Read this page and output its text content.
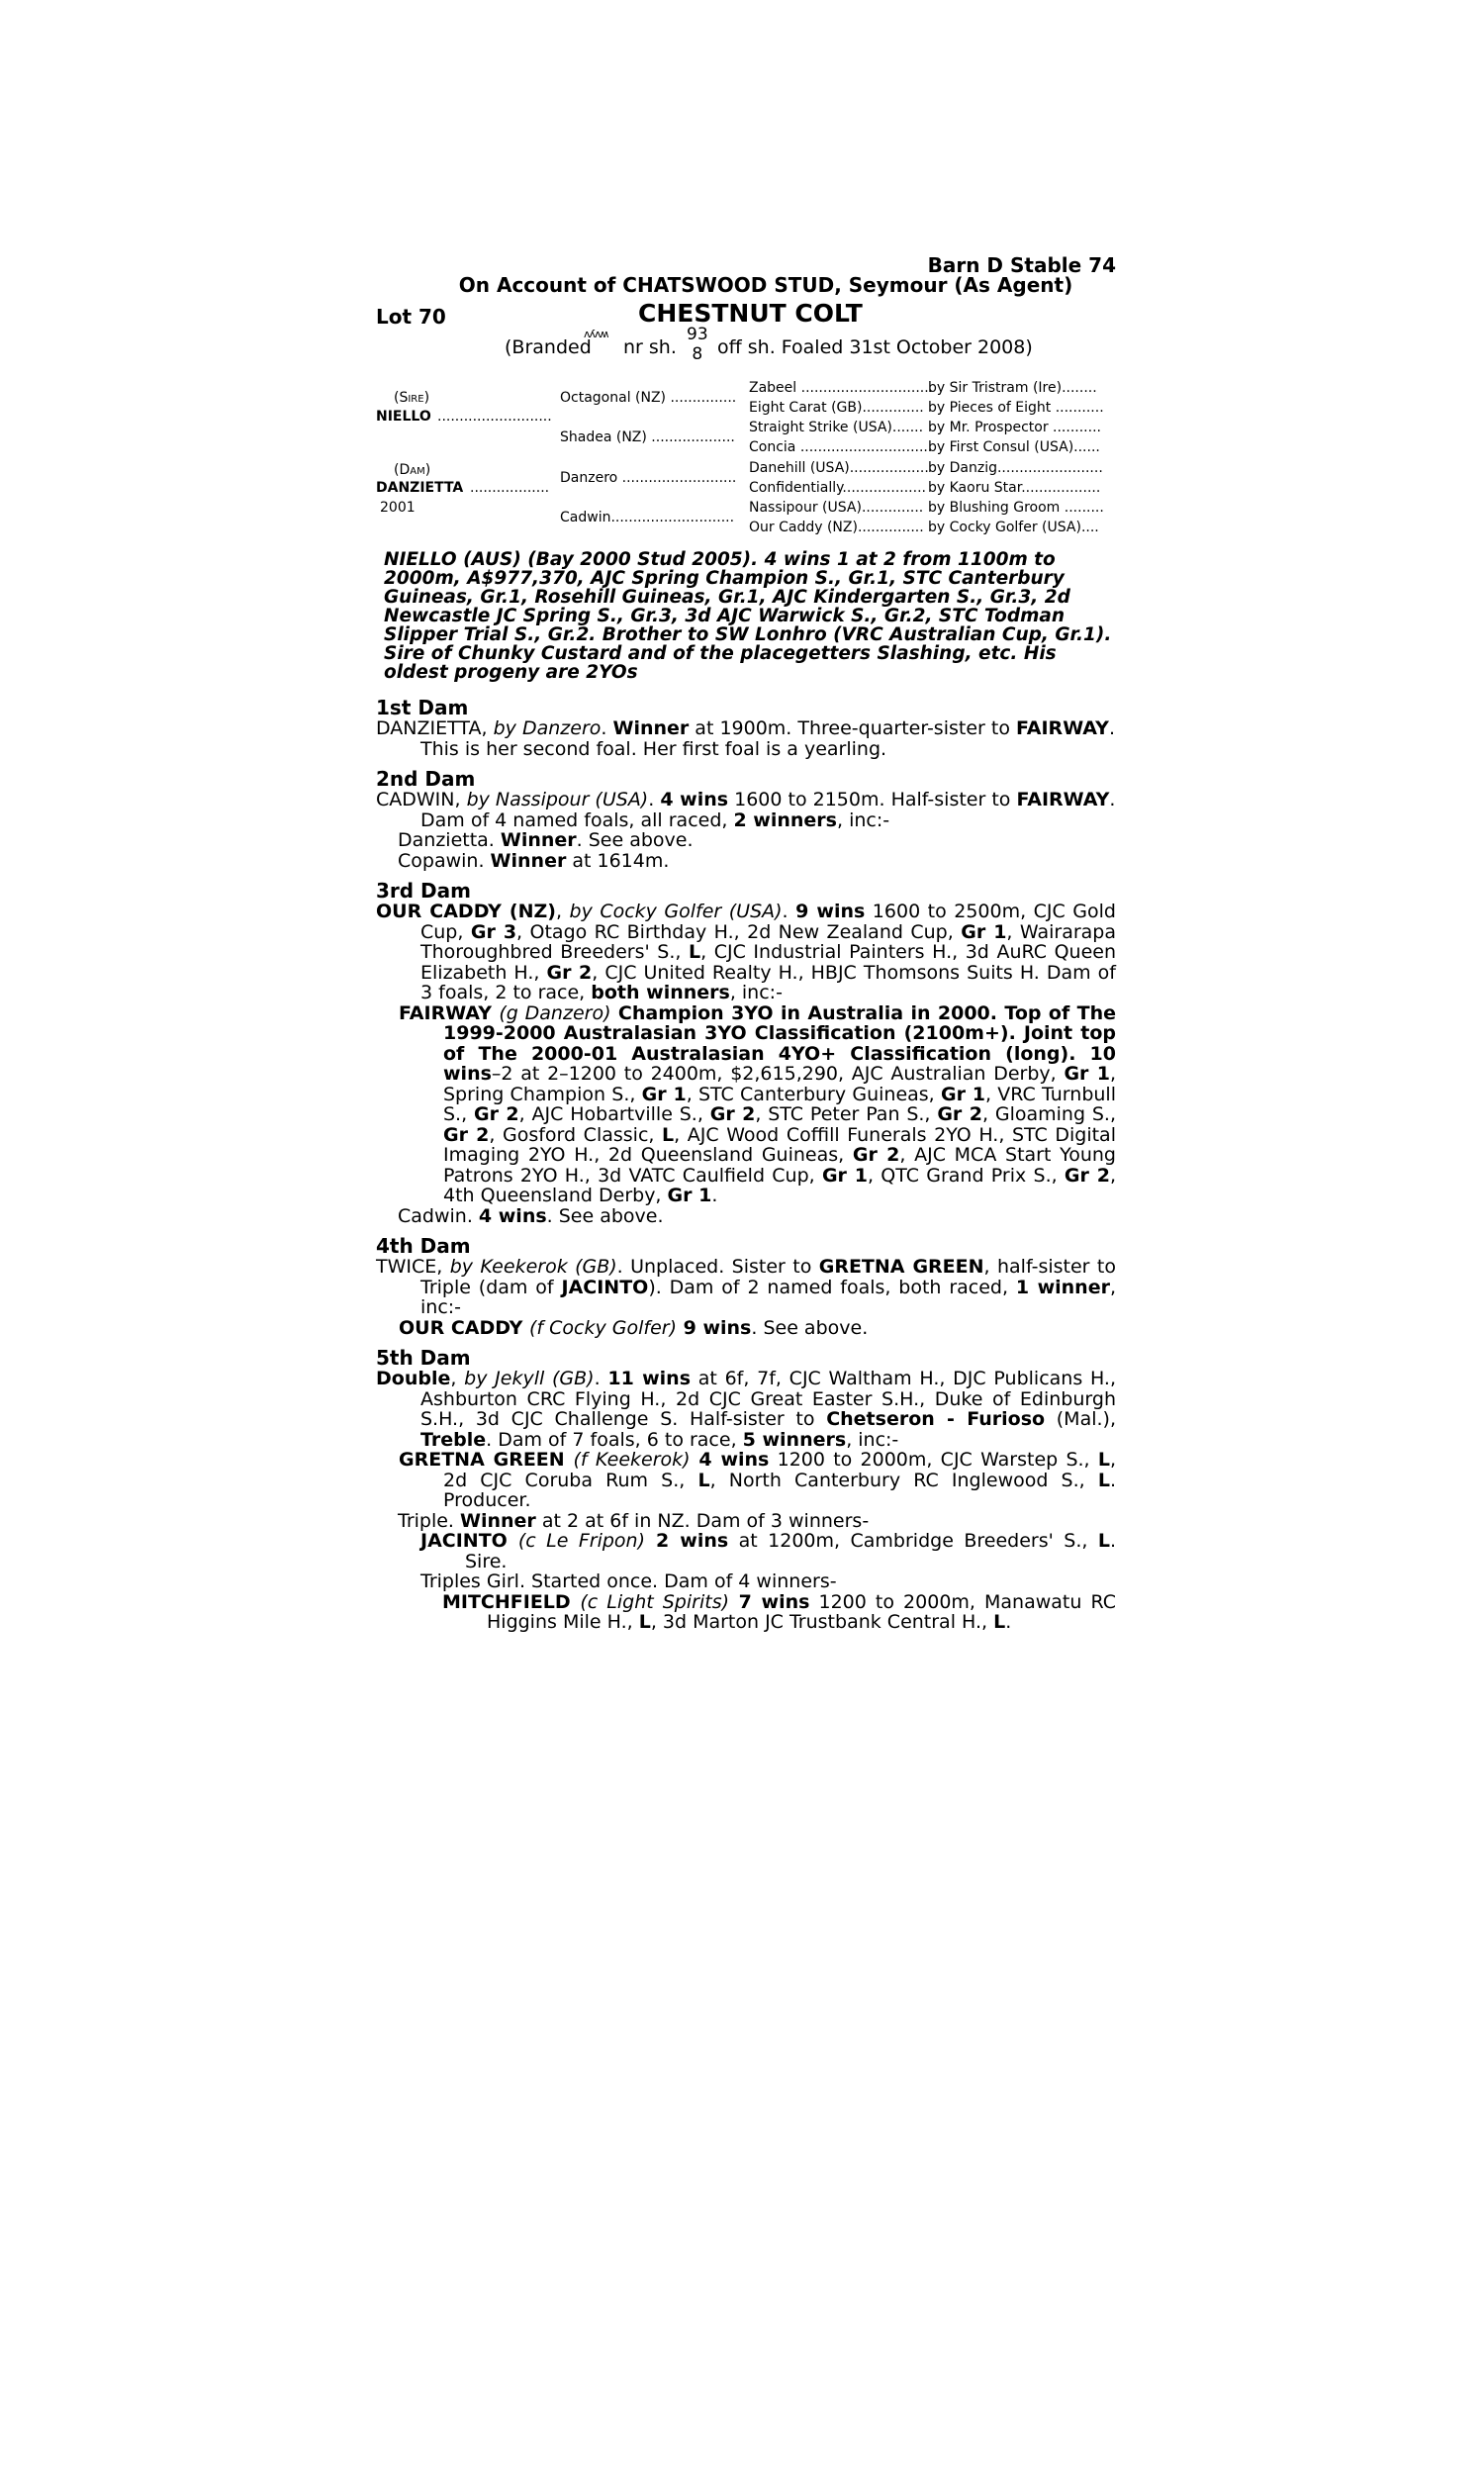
Barn D Stable 74
On Account of CHATSWOOD STUD, Seymour (As Agent)
Lot 70	CHESTNUT COLT
(Branded
ʌʎʌʍ
nr sh.
93
8 off sh. Foaled 31st October 2008)
(Sire)
NIELLO ..........................
(Dam)
DANZIETTA ..................
2001
Octagonal (NZ) ...............
Shadea (NZ) ...................
Danzero ..........................
Cadwin............................
Zabeel ..............................
Eight Carat (GB)..............
Straight Strike (USA).......
Concia ..............................
Danehill (USA)..................
Confidentially...................
Nassipour (USA)..............
Our Caddy (NZ)...............
by Sir Tristram (Ire)........
by Pieces of Eight ...........
by Mr. Prospector ...........
by First Consul (USA)......
by Danzig........................
by Kaoru Star..................
by Blushing Groom .........
by Cocky Golfer (USA)....
NIELLO (AUS) (Bay 2000 Stud 2005). 4 wins 1 at 2 from 1100m to 2000m, A$977,370, AJC Spring Champion S., Gr.1, STC Canterbury Guineas, Gr.1, Rosehill Guineas, Gr.1, AJC Kindergarten S., Gr.3, 2d Newcastle JC Spring S., Gr.3, 3d AJC Warwick S., Gr.2, STC Todman Slipper Trial S., Gr.2. Brother to SW Lonhro (VRC Australian Cup, Gr.1). Sire of Chunky Custard and of the placegetters Slashing, etc. His oldest progeny are 2YOs
1st Dam
DANZIETTA, by Danzero. Winner at 1900m. Three-quarter-sister to FAIRWAY.
This is her second foal. Her first foal is a yearling.
2nd Dam
CADWIN, by Nassipour (USA). 4 wins 1600 to 2150m. Half-sister to FAIRWAY.
Dam of 4 named foals, all raced, 2 winners, inc:-
Danzietta. Winner. See above.
Copawin. Winner at 1614m.
3rd Dam
OUR CADDY (NZ), by Cocky Golfer (USA). 9 wins 1600 to 2500m, CJC Gold Cup, Gr 3, Otago RC Birthday H., 2d New Zealand Cup, Gr 1, Wairarapa Thoroughbred Breeders' S., L, CJC Industrial Painters H., 3d AuRC Queen Elizabeth H., Gr 2, CJC United Realty H., HBJC Thomsons Suits H. Dam of 3 foals, 2 to race, both winners, inc:-
FAIRWAY (g Danzero) Champion 3YO in Australia in 2000. Top of The 1999-2000 Australasian 3YO Classification (2100m+). Joint top of The 2000-01 Australasian 4YO+ Classification (long). 10 wins–2 at 2–1200 to 2400m, $2,615,290, AJC Australian Derby, Gr 1, Spring Champion S., Gr 1, STC Canterbury Guineas, Gr 1, VRC Turnbull S., Gr 2, AJC Hobartville S., Gr 2, STC Peter Pan S., Gr 2, Gloaming S., Gr 2, Gosford Classic, L, AJC Wood Coffill Funerals 2YO H., STC Digital Imaging 2YO H., 2d Queensland Guineas, Gr 2, AJC MCA Start Young Patrons 2YO H., 3d VATC Caulfield Cup, Gr 1, QTC Grand Prix S., Gr 2, 4th Queensland Derby, Gr 1.
Cadwin. 4 wins. See above.
4th Dam
TWICE, by Keekerok (GB). Unplaced. Sister to GRETNA GREEN, half-sister to Triple (dam of JACINTO). Dam of 2 named foals, both raced, 1 winner, inc:-
OUR CADDY (f Cocky Golfer) 9 wins. See above.
5th Dam
Double, by Jekyll (GB). 11 wins at 6f, 7f, CJC Waltham H., DJC Publicans H., Ashburton CRC Flying H., 2d CJC Great Easter S.H., Duke of Edinburgh S.H., 3d CJC Challenge S. Half-sister to Chetseron - Furioso (Mal.), Treble. Dam of 7 foals, 6 to race, 5 winners, inc:-
GRETNA GREEN (f Keekerok) 4 wins 1200 to 2000m, CJC Warstep S., L, 2d CJC Coruba Rum S., L, North Canterbury RC Inglewood S., L. Producer.
Triple. Winner at 2 at 6f in NZ. Dam of 3 winners-
JACINTO (c Le Fripon) 2 wins at 1200m, Cambridge Breeders' S., L. Sire.
Triples Girl. Started once. Dam of 4 winners-
MITCHFIELD (c Light Spirits) 7 wins 1200 to 2000m, Manawatu RC Higgins Mile H., L, 3d Marton JC Trustbank Central H., L.
